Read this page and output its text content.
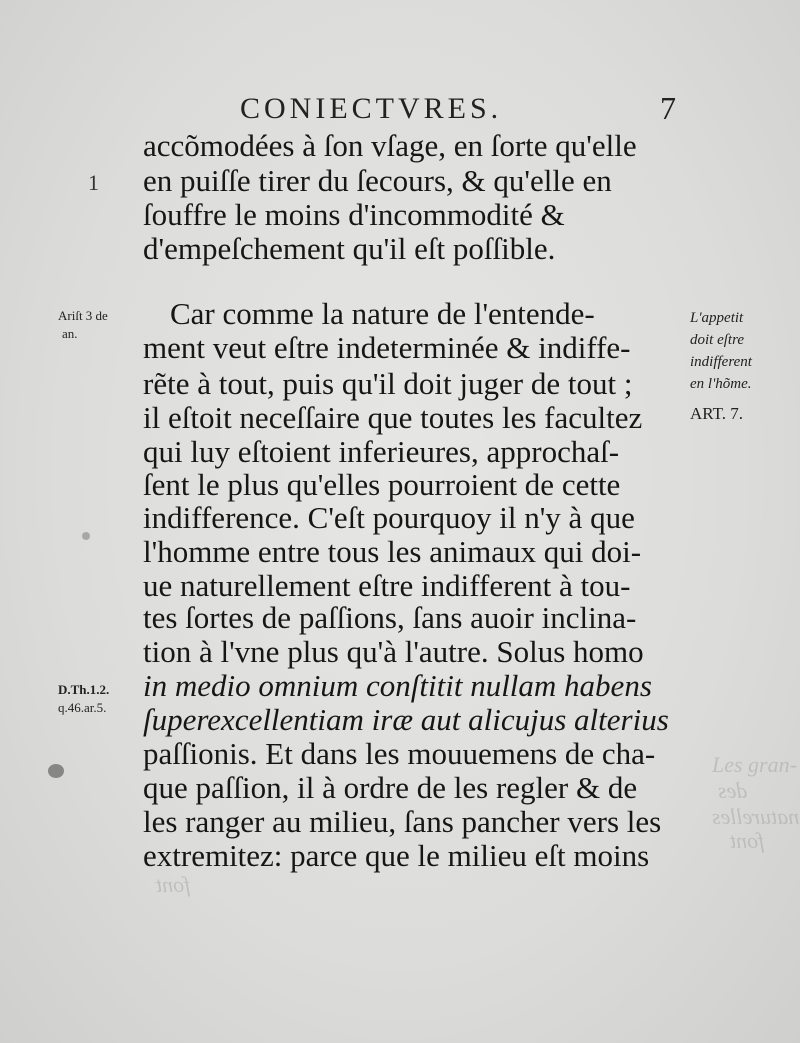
CONIECTVRES.	7
1
accõmodées à ſon vſage, en ſorte qu'elle
en puiſſe tirer du ſecours, & qu'elle en
ſouffre le moins d'incommodité &
d'empeſchement qu'il eſt poſſible.
Car comme la nature de l'entende-
ment veut eſtre indeterminée & indiffe-
rẽte à tout, puis qu'il doit juger de tout ;
il eſtoit neceſſaire que toutes les facultez
qui luy eſtoient inferieures, approchaſ-
ſent le plus qu'elles pourroient de cette
indifference. C'eſt pourquoy il n'y à que
l'homme entre tous les animaux qui doi-
ue naturellement eſtre indifferent à tou-
tes ſortes de paſſions, ſans auoir inclina-
tion à l'vne plus qu'à l'autre. Solus homo
in medio omnium conſtitit nullam habens
ſuperexcellentiam iræ aut alicujus alterius
paſſionis. Et dans les mouuemens de cha-
que paſſion, il à ordre de les regler & de
les ranger au milieu, ſans pancher vers les
extremitez: parce que le milieu eſt moins
Ariſt 3 de
an.
D.Th.1.2.
q.46.ar.5.
L'appetit
doit eſtre
indifferent
en l'hõme.
ART. 7.
Les gran-
des
naturelles
font
font
